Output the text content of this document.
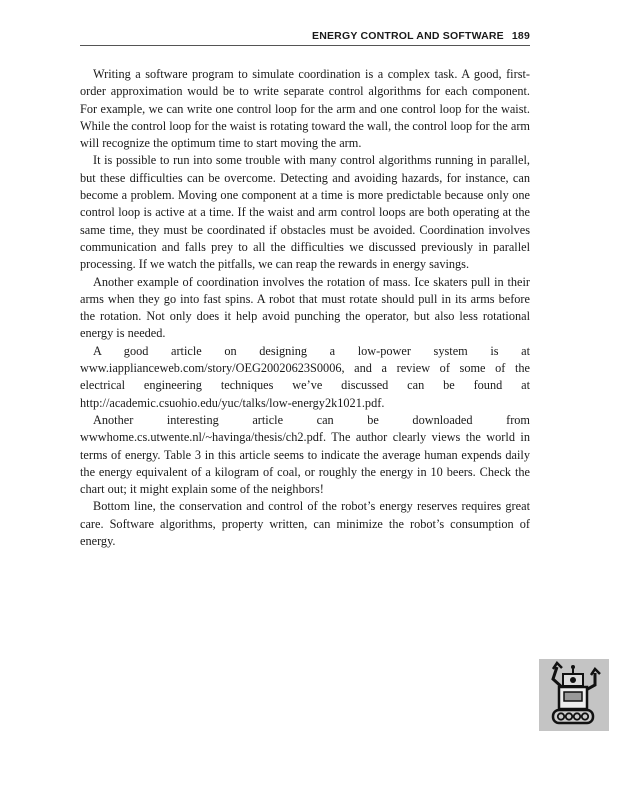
ENERGY CONTROL AND SOFTWARE 189

Writing a software program to simulate coordination is a complex task. A good, first-order approximation would be to write separate control algorithms for each component. For example, we can write one control loop for the arm and one control loop for the waist. While the control loop for the waist is rotating toward the wall, the control loop for the arm will recognize the optimum time to start moving the arm.

It is possible to run into some trouble with many control algorithms running in parallel, but these difficulties can be overcome. Detecting and avoiding hazards, for instance, can become a problem. Moving one component at a time is more predictable because only one control loop is active at a time. If the waist and arm control loops are both operating at the same time, they must be coordinated if obstacles must be avoided. Coordination involves communication and falls prey to all the difficulties we discussed previously in parallel processing. If we watch the pitfalls, we can reap the rewards in energy savings.

Another example of coordination involves the rotation of mass. Ice skaters pull in their arms when they go into fast spins. A robot that must rotate should pull in its arms before the rotation. Not only does it help avoid punching the operator, but also less rotational energy is needed.

A good article on designing a low-power system is at www.iapplianceweb.com/story/OEG20020623S0006, and a review of some of the electrical engineering techniques we’ve discussed can be found at http://academic.csuohio.edu/yuc/talks/low-energy2k1021.pdf.

Another interesting article can be downloaded from wwwhome.cs.utwente.nl/~havinga/thesis/ch2.pdf. The author clearly views the world in terms of energy. Table 3 in this article seems to indicate the average human expends daily the energy equivalent of a kilogram of coal, or roughly the energy in 10 beers. Check the chart out; it might explain some of the neighbors!

Bottom line, the conservation and control of the robot’s energy reserves requires great care. Software algorithms, property written, can minimize the robot’s consumption of energy.
